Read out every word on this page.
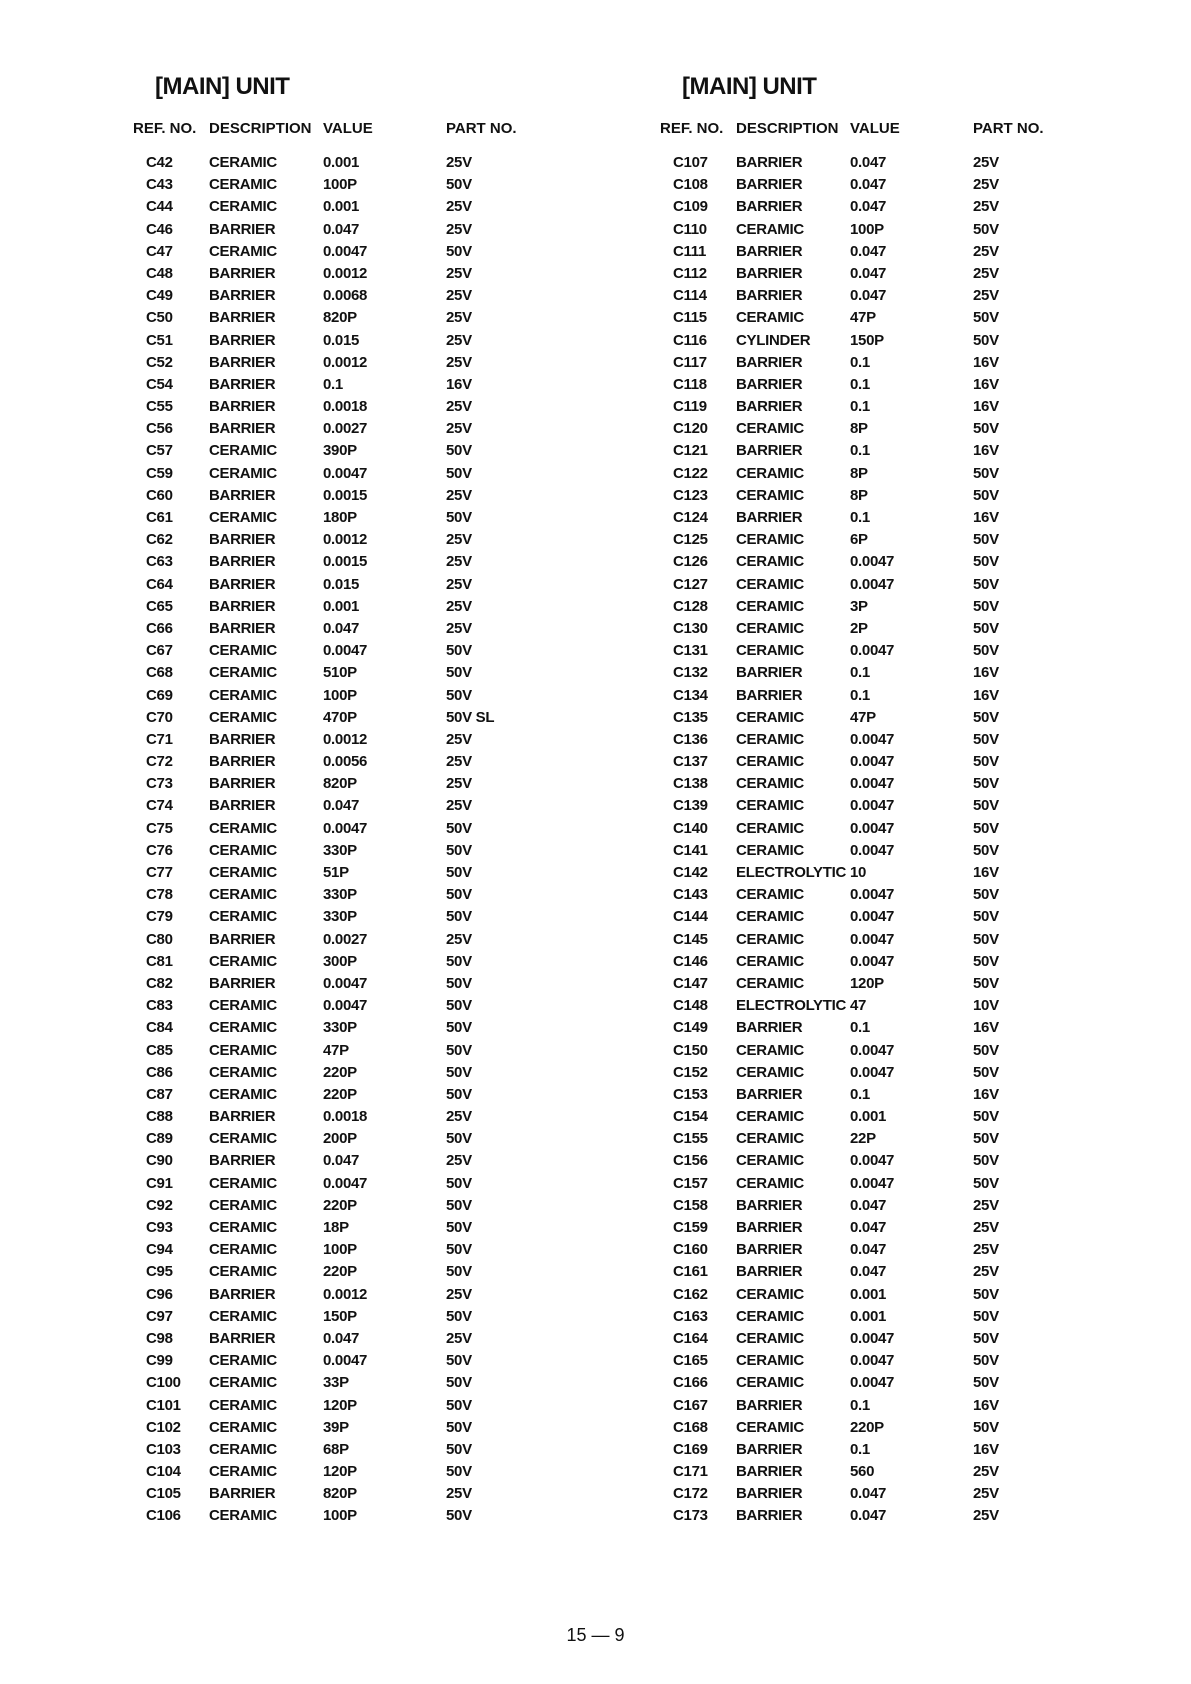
[MAIN] UNIT
REF. NO. DESCRIPTION VALUE	PART NO.
C42 CERAMIC	0.001	25V
C43 CERAMIC	100P	50V
C44 CERAMIC	0.001	25V
C46 BARRIER	0.047	25V
C47 CERAMIC	0.0047	50V
C48 BARRIER	0.0012	25V
C49 BARRIER	0.0068	25V
C50 BARRIER	820P	25V
C51 BARRIER	0.015	25V
C52 BARRIER	0.0012	25V
C54 BARRIER	0.1	16V
C55 BARRIER	0.0018	25V
C56 BARRIER	0.0027	25V
C57 CERAMIC	390P	50V
C59 CERAMIC	0.0047	50V
C60 BARRIER	0.0015	25V
C61 CERAMIC	180P	50V
C62 BARRIER	0.0012	25V
C63 BARRIER	0.0015	25V
C64 BARRIER	0.015	25V
C65 BARRIER	0.001	25V
C66 BARRIER	0.047	25V
C67 CERAMIC	0.0047	50V
C68 CERAMIC	510P	50V
C69 CERAMIC	100P	50V
C70 CERAMIC	470P	50V SL
C71 BARRIER	0.0012	25V
C72 BARRIER	0.0056	25V
C73 BARRIER	820P	25V
C74 BARRIER	0.047	25V
C75 CERAMIC	0.0047	50V
C76 CERAMIC	330P	50V
C77 CERAMIC	51P	50V
C78 CERAMIC	330P	50V
C79 CERAMIC	330P	50V
C80 BARRIER	0.0027	25V
C81 CERAMIC	300P	50V
C82 BARRIER	0.0047	50V
C83 CERAMIC	0.0047	50V
C84 CERAMIC	330P	50V
C85 CERAMIC	47P	50V
C86 CERAMIC	220P	50V
C87 CERAMIC	220P	50V
C88 BARRIER	0.0018	25V
C89 CERAMIC	200P	50V
C90 BARRIER	0.047	25V
C91 CERAMIC	0.0047	50V
C92 CERAMIC	220P	50V
C93 CERAMIC	18P	50V
C94 CERAMIC	100P	50V
C95 CERAMIC	220P	50V
C96 BARRIER	0.0012	25V
C97 CERAMIC	150P	50V
C98 BARRIER	0.047	25V
C99 CERAMIC	0.0047	50V
C100 CERAMIC	33P	50V
C101 CERAMIC	120P	50V
C102 CERAMIC	39P	50V
C103 CERAMIC	68P	50V
C104 CERAMIC	120P	50V
C105 BARRIER	820P	25V
C106 CERAMIC	100P	50V
[MAIN] UNIT
REF. NO. DESCRIPTION VALUE	PART NO.
C107 BARRIER	0.047	25V
C108 BARRIER	0.047	25V
C109 BARRIER	0.047	25V
C110 CERAMIC	100P	50V
C111 BARRIER	0.047	25V
C112 BARRIER	0.047	25V
C114 BARRIER	0.047	25V
C115 CERAMIC	47P	50V
C116 CYLINDER	150P	50V
C117 BARRIER	0.1	16V
C118 BARRIER	0.1	16V
C119 BARRIER	0.1	16V
C120 CERAMIC	8P	50V
C121 BARRIER	0.1	16V
C122 CERAMIC	8P	50V
C123 CERAMIC	8P	50V
C124 BARRIER	0.1	16V
C125 CERAMIC	6P	50V
C126 CERAMIC	0.0047	50V
C127 CERAMIC	0.0047	50V
C128 CERAMIC	3P	50V
C130 CERAMIC	2P	50V
C131 CERAMIC	0.0047	50V
C132 BARRIER	0.1	16V
C134 BARRIER	0.1	16V
C135 CERAMIC	47P	50V
C136 CERAMIC	0.0047	50V
C137 CERAMIC	0.0047	50V
C138 CERAMIC	0.0047	50V
C139 CERAMIC	0.0047	50V
C140 CERAMIC	0.0047	50V
C141 CERAMIC	0.0047	50V
C142 ELECTROLYTIC 10	16V
C143 CERAMIC	0.0047	50V
C144 CERAMIC	0.0047	50V
C145 CERAMIC	0.0047	50V
C146 CERAMIC	0.0047	50V
C147 CERAMIC	120P	50V
C148 ELECTROLYTIC 47	10V
C149 BARRIER	0.1	16V
C150 CERAMIC	0.0047	50V
C152 CERAMIC	0.0047	50V
C153 BARRIER	0.1	16V
C154 CERAMIC	0.001	50V
C155 CERAMIC	22P	50V
C156 CERAMIC	0.0047	50V
C157 CERAMIC	0.0047	50V
C158 BARRIER	0.047	25V
C159 BARRIER	0.047	25V
C160 BARRIER	0.047	25V
C161 BARRIER	0.047	25V
C162 CERAMIC	0.001	50V
C163 CERAMIC	0.001	50V
C164 CERAMIC	0.0047	50V
C165 CERAMIC	0.0047	50V
C166 CERAMIC	0.0047	50V
C167 BARRIER	0.1	16V
C168 CERAMIC	220P	50V
C169 BARRIER	0.1	16V
C171 BARRIER	560	25V
C172 BARRIER	0.047	25V
C173 BARRIER	0.047	25V
15 — 9
